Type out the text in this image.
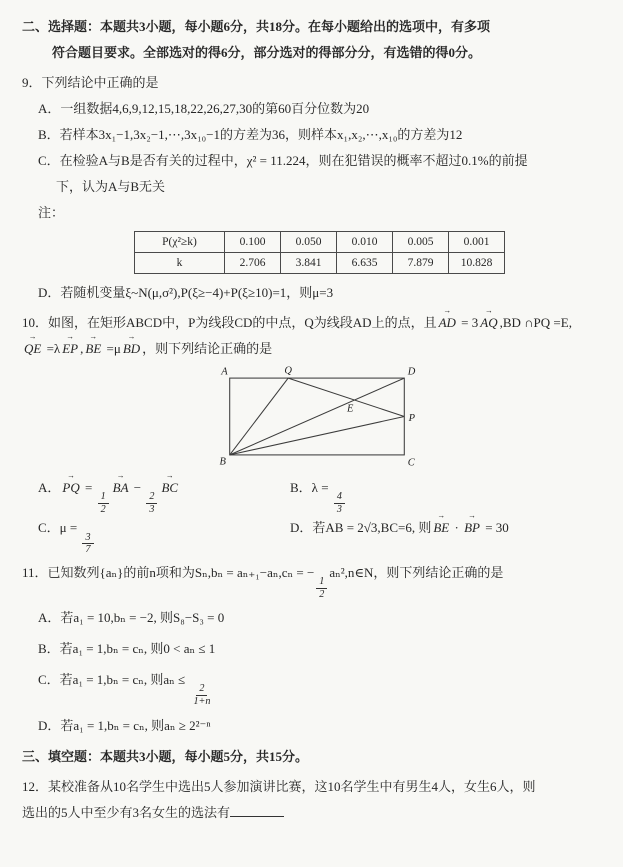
二、选择题：本题共3小题，每小题6分，共18分。在每小题给出的选项中，有多项
符合题目要求。全部选对的得6分，部分选对的得部分分，有选错的得0分。
9．下列结论中正确的是
A．一组数据4,6,9,12,15,18,22,26,27,30的第60百分位数为20
B．若样本3x₁−1,3x₂−1,⋯,3x₁₀−1的方差为36，则样本x₁,x₂,⋯,x₁₀的方差为12
C．在检验A与B是否有关的过程中，χ² = 11.224，则在犯错误的概率不超过0.1%的前提
下，认为A与B无关
注：
P(χ²≥k)	0.100	0.050	0.010	0.005	0.001
k	2.706	3.841	6.635	7.879	10.828
D．若随机变量ξ~N(μ,σ²),P(ξ≥−4)+P(ξ≥10)=1，则μ=3
10．如图，在矩形ABCD中，P为线段CD的中点，Q为线段AD上的点，且 AD → = 3 AQ → ,BD ∩PQ =E,
QE → =λ EP → , BE → =μ BD → ，则下列结论正确的是
A	Q	D
E
P
B	C
A． PQ → =
$\frac{1}{2}$
BA → −
$\frac{2}{3}$
BC →	B．λ =
$\frac{4}{3}$
C．μ =
$\frac{3}{7}$
D．若AB = 2√3,BC=6, 则 BE → · BP → = 30
11．已知数列{aₙ}的前n项和为Sₙ,bₙ = aₙ₊₁−aₙ,cₙ = −
$\frac{1}{2}$
aₙ²,n∈N，则下列结论正确的是
A．若a₁ = 10,bₙ = −2, 则S₈−S₃ = 0
B．若a₁ = 1,bₙ = cₙ, 则0 < aₙ ≤ 1
C．若a₁ = 1,bₙ = cₙ, 则aₙ ≤
$\frac{2}{1+n}$
D．若a₁ = 1,bₙ = cₙ, 则aₙ ≥ 2²⁻ⁿ
三、填空题：本题共3小题，每小题5分，共15分。
12．某校准备从10名学生中选出5人参加演讲比赛，这10名学生中有男生4人，女生6人，则
选出的5人中至少有3名女生的选法有
